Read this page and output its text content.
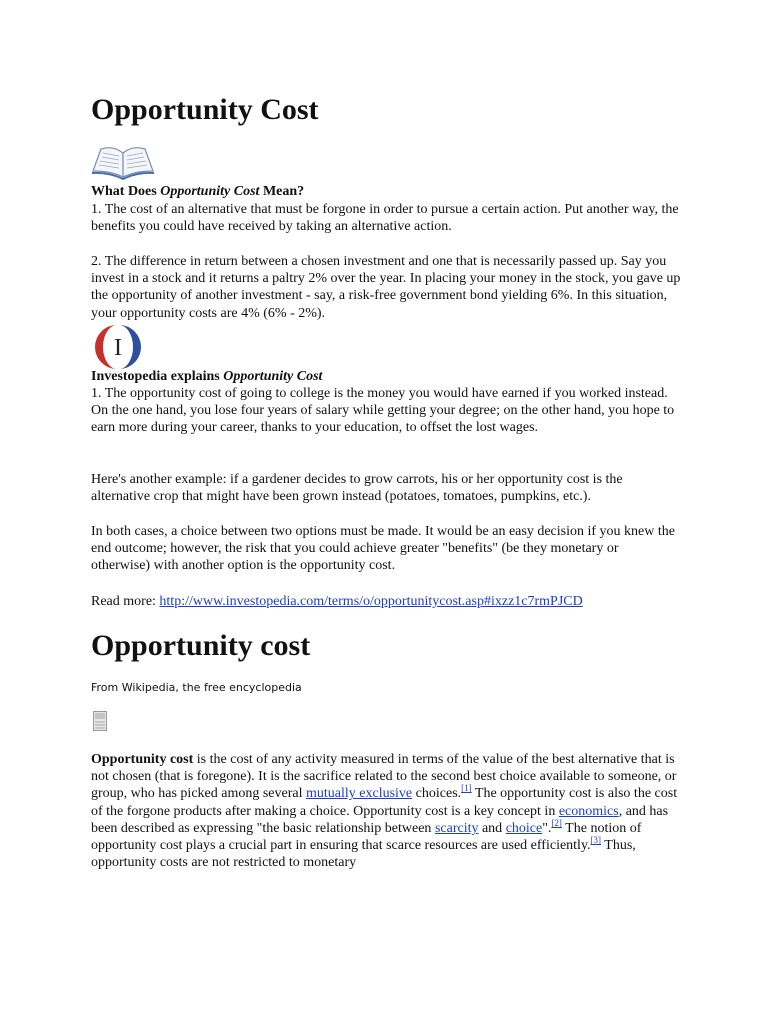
Opportunity Cost

What Does Opportunity Cost Mean?

1. The cost of an alternative that must be forgone in order to pursue a certain action. Put another way, the benefits you could have received by taking an alternative action.

2. The difference in return between a chosen investment and one that is necessarily passed up. Say you invest in a stock and it returns a paltry 2% over the year. In placing your money in the stock, you gave up the opportunity of another investment - say, a risk-free government bond yielding 6%. In this situation, your opportunity costs are 4% (6% - 2%).

I

Investopedia explains Opportunity Cost

1. The opportunity cost of going to college is the money you would have earned if you worked instead. On the one hand, you lose four years of salary while getting your degree; on the other hand, you hope to earn more during your career, thanks to your education, to offset the lost wages.

Here's another example: if a gardener decides to grow carrots, his or her opportunity cost is the alternative crop that might have been grown instead (potatoes, tomatoes, pumpkins, etc.).

In both cases, a choice between two options must be made. It would be an easy decision if you knew the end outcome; however, the risk that you could achieve greater "benefits" (be they monetary or otherwise) with another option is the opportunity cost.

Read more: http://www.investopedia.com/terms/o/opportunitycost.asp#ixzz1c7rmPJCD

Opportunity cost
From Wikipedia, the free encyclopedia

Opportunity cost is the cost of any activity measured in terms of the value of the best alternative that is not chosen (that is foregone). It is the sacrifice related to the second best choice available to someone, or group, who has picked among several mutually exclusive choices.[1] The opportunity cost is also the cost of the forgone products after making a choice. Opportunity cost is a key concept in economics, and has been described as expressing "the basic relationship between scarcity and choice".[2] The notion of opportunity cost plays a crucial part in ensuring that scarce resources are used efficiently.[3] Thus, opportunity costs are not restricted to monetary
